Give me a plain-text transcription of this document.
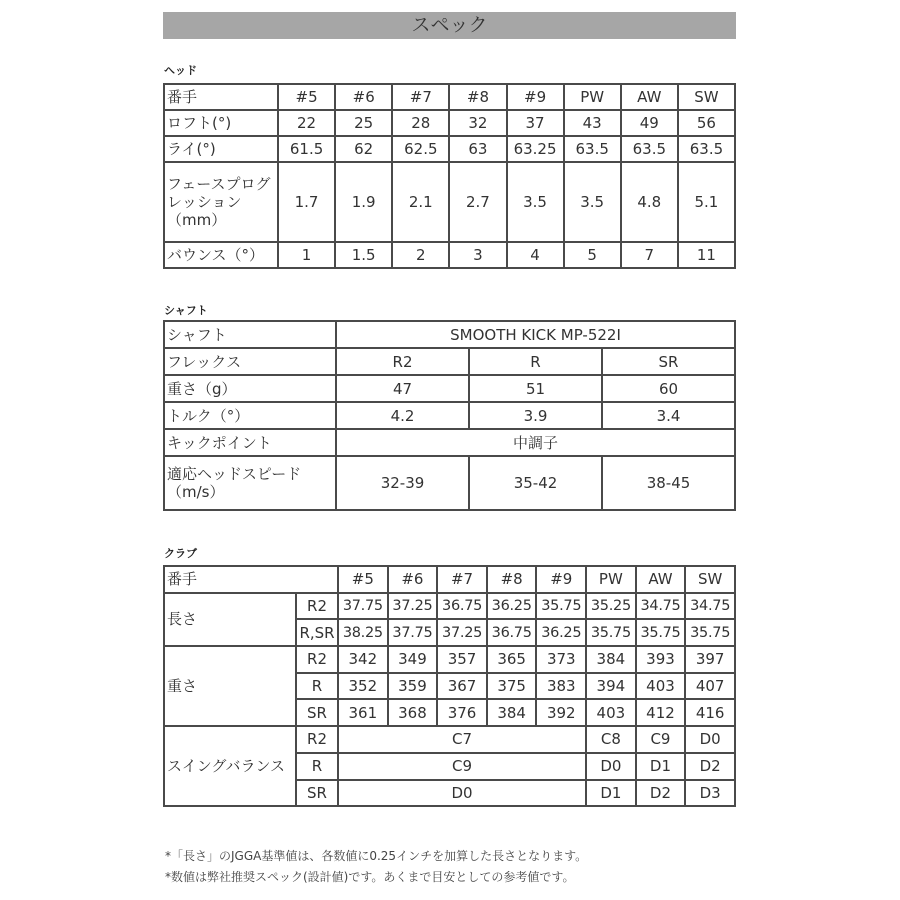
スペック
ヘッド
番手	#5	#6	#7	#8	#9	PW	AW	SW
ロフト(°)	22	25	28	32	37	43	49	56
ライ(°)	61.5	62	62.5	63	63.25	63.5	63.5	63.5
フェースプログレッション（mm）	1.7	1.9	2.1	2.7	3.5	3.5	4.8	5.1
バウンス（°）	1	1.5	2	3	4	5	7	11
シャフト
シャフト	SMOOTH KICK MP-522I		
フレックス	R2	R	SR
重さ（g）	47	51	60
トルク（°）	4.2	3.9	3.4
キックポイント	中調子		
適応ヘッドスピード（m/s）	32-39	35-42	38-45
クラブ
番手		#5	#6	#7	#8	#9	PW	AW	SW
長さ	R2	37.75	37.25	36.75	36.25	35.75	35.25	34.75	34.75
	R,SR	38.25	37.75	37.25	36.75	36.25	35.75	35.75	35.75
重さ	R2	342	349	357	365	373	384	393	397
	R	352	359	367	375	383	394	403	407
	SR	361	368	376	384	392	403	412	416
スイングバランス	R2	C7					C8	C9	D0
	R	C9					D0	D1	D2
	SR	D0					D1	D2	D3
*「長さ」のJGGA基準値は、各数値に0.25インチを加算した長さとなります。
*数値は弊社推奨スペック(設計値)です。あくまで目安としての参考値です。
